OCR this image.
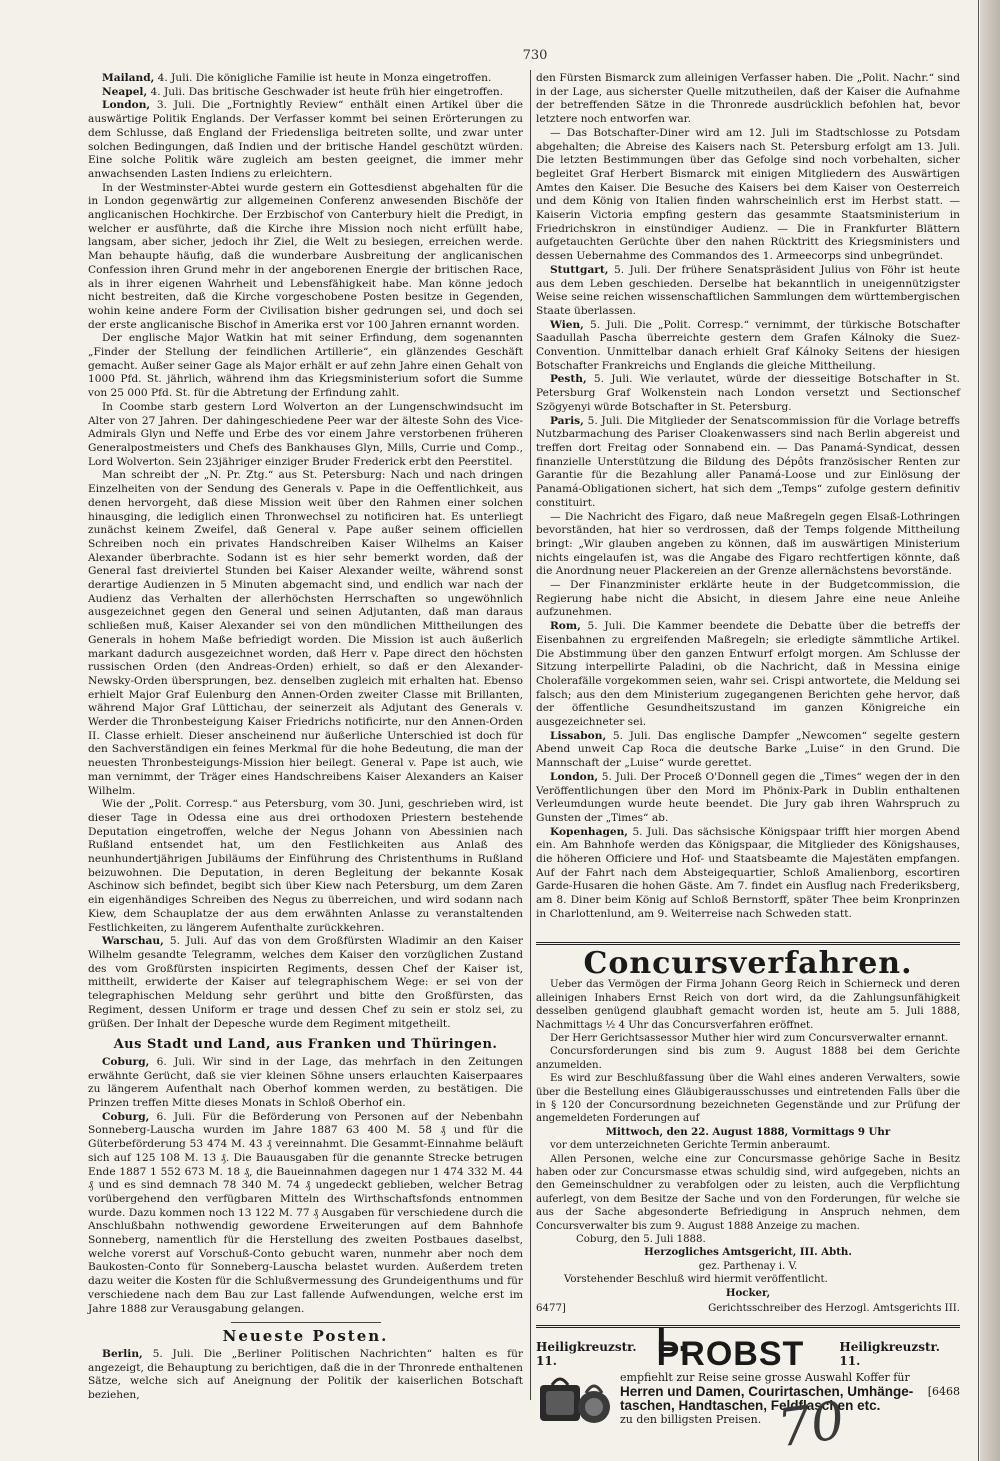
730

Mailand, 4. Juli. Die königliche Familie ist heute in Monza eingetroffen.

Neapel, 4. Juli. Das britische Geschwader ist heute früh hier eingetroffen.

London, 3. Juli. Die „Fortnightly Review“ enthält einen Artikel über die auswärtige Politik Englands. Der Verfasser kommt bei seinen Erörterungen zu dem Schlusse, daß England der Friedensliga beitreten sollte, und zwar unter solchen Bedingungen, daß Indien und der britische Handel geschützt würden. Eine solche Politik wäre zugleich am besten geeignet, die immer mehr anwachsenden Lasten Indiens zu erleichtern.

In der Westminster-Abtei wurde gestern ein Gottesdienst abgehalten für die in London gegenwärtig zur allgemeinen Conferenz anwesenden Bischöfe der anglicanischen Hochkirche. Der Erzbischof von Canterbury hielt die Predigt, in welcher er ausführte, daß die Kirche ihre Mission noch nicht erfüllt habe, langsam, aber sicher, jedoch ihr Ziel, die Welt zu besiegen, erreichen werde. Man behaupte häufig, daß die wunderbare Ausbreitung der anglicanischen Confession ihren Grund mehr in der angeborenen Energie der britischen Race, als in ihrer eigenen Wahrheit und Lebensfähigkeit habe. Man könne jedoch nicht bestreiten, daß die Kirche vorgeschobene Posten besitze in Gegenden, wohin keine andere Form der Civilisation bisher gedrungen sei, und doch sei der erste anglicanische Bischof in Amerika erst vor 100 Jahren ernannt worden.

Der englische Major Watkin hat mit seiner Erfindung, dem sogenannten „Finder der Stellung der feindlichen Artillerie“, ein glänzendes Geschäft gemacht. Außer seiner Gage als Major erhält er auf zehn Jahre einen Gehalt von 1000 Pfd. St. jährlich, während ihm das Kriegsministerium sofort die Summe von 25 000 Pfd. St. für die Abtretung der Erfindung zahlt.

In Coombe starb gestern Lord Wolverton an der Lungenschwindsucht im Alter von 27 Jahren. Der dahingeschiedene Peer war der älteste Sohn des Vice-Admirals Glyn und Neffe und Erbe des vor einem Jahre verstorbenen früheren Generalpostmeisters und Chefs des Bankhauses Glyn, Mills, Currie und Comp., Lord Wolverton. Sein 23jähriger einziger Bruder Frederick erbt den Peerstitel.

Man schreibt der „N. Pr. Ztg.“ aus St. Petersburg: Nach und nach dringen Einzelheiten von der Sendung des Generals v. Pape in die Oeffentlichkeit, aus denen hervorgeht, daß diese Mission weit über den Rahmen einer solchen hinausging, die lediglich einen Thronwechsel zu notificiren hat. Es unterliegt zunächst keinem Zweifel, daß General v. Pape außer seinem officiellen Schreiben noch ein privates Handschreiben Kaiser Wilhelms an Kaiser Alexander überbrachte. Sodann ist es hier sehr bemerkt worden, daß der General fast dreiviertel Stunden bei Kaiser Alexander weilte, während sonst derartige Audienzen in 5 Minuten abgemacht sind, und endlich war nach der Audienz das Verhalten der allerhöchsten Herrschaften so ungewöhnlich ausgezeichnet gegen den General und seinen Adjutanten, daß man daraus schließen muß, Kaiser Alexander sei von den mündlichen Mittheilungen des Generals in hohem Maße befriedigt worden. Die Mission ist auch äußerlich markant dadurch ausgezeichnet worden, daß Herr v. Pape direct den höchsten russischen Orden (den Andreas-Orden) erhielt, so daß er den Alexander-Newsky-Orden übersprungen, bez. denselben zugleich mit erhalten hat. Ebenso erhielt Major Graf Eulenburg den Annen-Orden zweiter Classe mit Brillanten, während Major Graf Lüttichau, der seinerzeit als Adjutant des Generals v. Werder die Thronbesteigung Kaiser Friedrichs notificirte, nur den Annen-Orden II. Classe erhielt. Dieser anscheinend nur äußerliche Unterschied ist doch für den Sachverständigen ein feines Merkmal für die hohe Bedeutung, die man der neuesten Thronbesteigungs-Mission hier beilegt. General v. Pape ist auch, wie man vernimmt, der Träger eines Handschreibens Kaiser Alexanders an Kaiser Wilhelm.

Wie der „Polit. Corresp.“ aus Petersburg, vom 30. Juni, geschrieben wird, ist dieser Tage in Odessa eine aus drei orthodoxen Priestern bestehende Deputation eingetroffen, welche der Negus Johann von Abessinien nach Rußland entsendet hat, um den Festlichkeiten aus Anlaß des neunhundertjährigen Jubiläums der Einführung des Christenthums in Rußland beizuwohnen. Die Deputation, in deren Begleitung der bekannte Kosak Aschinow sich befindet, begibt sich über Kiew nach Petersburg, um dem Zaren ein eigenhändiges Schreiben des Negus zu überreichen, und wird sodann nach Kiew, dem Schauplatze der aus dem erwähnten Anlasse zu veranstaltenden Festlichkeiten, zu längerem Aufenthalte zurückkehren.

Warschau, 5. Juli. Auf das von dem Großfürsten Wladimir an den Kaiser Wilhelm gesandte Telegramm, welches dem Kaiser den vorzüglichen Zustand des vom Großfürsten inspicirten Regiments, dessen Chef der Kaiser ist, mittheilt, erwiderte der Kaiser auf telegraphischem Wege: er sei von der telegraphischen Meldung sehr gerührt und bitte den Großfürsten, das Regiment, dessen Uniform er trage und dessen Chef zu sein er stolz sei, zu grüßen. Der Inhalt der Depesche wurde dem Regiment mitgetheilt.

Aus Stadt und Land, aus Franken und Thüringen.

Coburg, 6. Juli. Wir sind in der Lage, das mehrfach in den Zeitungen erwähnte Gerücht, daß sie vier kleinen Söhne unsers erlauchten Kaiserpaares zu längerem Aufenthalt nach Oberhof kommen werden, zu bestätigen. Die Prinzen treffen Mitte dieses Monats in Schloß Oberhof ein.

Coburg, 6. Juli. Für die Beförderung von Personen auf der Nebenbahn Sonneberg-Lauscha wurden im Jahre 1887 63 400 M. 58 ₰ und für die Güterbeförderung 53 474 M. 43 ₰ vereinnahmt. Die Gesammt-Einnahme beläuft sich auf 125 108 M. 13 ₰. Die Bauausgaben für die genannte Strecke betrugen Ende 1887 1 552 673 M. 18 ₰, die Baueinnahmen dagegen nur 1 474 332 M. 44 ₰ und es sind demnach 78 340 M. 74 ₰ ungedeckt geblieben, welcher Betrag vorübergehend den verfügbaren Mitteln des Wirthschaftsfonds entnommen wurde. Dazu kommen noch 13 122 M. 77 ₰ Ausgaben für verschiedene durch die Anschlußbahn nothwendig gewordene Erweiterungen auf dem Bahnhofe Sonneberg, namentlich für die Herstellung des zweiten Postbaues daselbst, welche vorerst auf Vorschuß-Conto gebucht waren, nunmehr aber noch dem Baukosten-Conto für Sonneberg-Lauscha belastet wurden. Außerdem treten dazu weiter die Kosten für die Schlußvermessung des Grundeigenthums und für verschiedene nach dem Bau zur Last fallende Aufwendungen, welche erst im Jahre 1888 zur Verausgabung gelangen.

Neueste Posten.

Berlin, 5. Juli. Die „Berliner Politischen Nachrichten“ halten es für angezeigt, die Behauptung zu berichtigen, daß die in der Thronrede enthaltenen Sätze, welche sich auf Aneignung der Politik der kaiserlichen Botschaft beziehen,

den Fürsten Bismarck zum alleinigen Verfasser haben. Die „Polit. Nachr.“ sind in der Lage, aus sicherster Quelle mitzutheilen, daß der Kaiser die Aufnahme der betreffenden Sätze in die Thronrede ausdrücklich befohlen hat, bevor letztere noch entworfen war.

— Das Botschafter-Diner wird am 12. Juli im Stadtschlosse zu Potsdam abgehalten; die Abreise des Kaisers nach St. Petersburg erfolgt am 13. Juli. Die letzten Bestimmungen über das Gefolge sind noch vorbehalten, sicher begleitet Graf Herbert Bismarck mit einigen Mitgliedern des Auswärtigen Amtes den Kaiser. Die Besuche des Kaisers bei dem Kaiser von Oesterreich und dem König von Italien finden wahrscheinlich erst im Herbst statt. — Kaiserin Victoria empfing gestern das gesammte Staatsministerium in Friedrichskron in einstündiger Audienz. — Die in Frankfurter Blättern aufgetauchten Gerüchte über den nahen Rücktritt des Kriegsministers und dessen Uebernahme des Commandos des 1. Armeecorps sind unbegründet.

Stuttgart, 5. Juli. Der frühere Senatspräsident Julius von Föhr ist heute aus dem Leben geschieden. Derselbe hat bekanntlich in uneigennützigster Weise seine reichen wissenschaftlichen Sammlungen dem württembergischen Staate überlassen.

Wien, 5. Juli. Die „Polit. Corresp.“ vernimmt, der türkische Botschafter Saadullah Pascha überreichte gestern dem Grafen Kálnoky die Suez-Convention. Unmittelbar danach erhielt Graf Kálnoky Seitens der hiesigen Botschafter Frankreichs und Englands die gleiche Mittheilung.

Pesth, 5. Juli. Wie verlautet, würde der diesseitige Botschafter in St. Petersburg Graf Wolkenstein nach London versetzt und Sectionschef Szögyenyi würde Botschafter in St. Petersburg.

Paris, 5. Juli. Die Mitglieder der Senatscommission für die Vorlage betreffs Nutzbarmachung des Pariser Cloakenwassers sind nach Berlin abgereist und treffen dort Freitag oder Sonnabend ein. — Das Panamá-Syndicat, dessen finanzielle Unterstützung die Bildung des Dépôts französischer Renten zur Garantie für die Bezahlung aller Panamá-Loose und zur Einlösung der Panamá-Obligationen sichert, hat sich dem „Temps“ zufolge gestern definitiv constituirt.

— Die Nachricht des Figaro, daß neue Maßregeln gegen Elsaß-Lothringen bevorständen, hat hier so verdrossen, daß der Temps folgende Mittheilung bringt: „Wir glauben angeben zu können, daß im auswärtigen Ministerium nichts eingelaufen ist, was die Angabe des Figaro rechtfertigen könnte, daß die Anordnung neuer Plackereien an der Grenze allernächstens bevorstände.

— Der Finanzminister erklärte heute in der Budgetcommission, die Regierung habe nicht die Absicht, in diesem Jahre eine neue Anleihe aufzunehmen.

Rom, 5. Juli. Die Kammer beendete die Debatte über die betreffs der Eisenbahnen zu ergreifenden Maßregeln; sie erledigte sämmtliche Artikel. Die Abstimmung über den ganzen Entwurf erfolgt morgen. Am Schlusse der Sitzung interpellirte Paladini, ob die Nachricht, daß in Messina einige Cholerafälle vorgekommen seien, wahr sei. Crispi antwortete, die Meldung sei falsch; aus den dem Ministerium zugegangenen Berichten gehe hervor, daß der öffentliche Gesundheitszustand im ganzen Königreiche ein ausgezeichneter sei.

Lissabon, 5. Juli. Das englische Dampfer „Newcomen“ segelte gestern Abend unweit Cap Roca die deutsche Barke „Luise“ in den Grund. Die Mannschaft der „Luise“ wurde gerettet.

London, 5. Juli. Der Proceß O'Donnell gegen die „Times“ wegen der in den Veröffentlichungen über den Mord im Phönix-Park in Dublin enthaltenen Verleumdungen wurde heute beendet. Die Jury gab ihren Wahrspruch zu Gunsten der „Times“ ab.

Kopenhagen, 5. Juli. Das sächsische Königspaar trifft hier morgen Abend ein. Am Bahnhofe werden das Königspaar, die Mitglieder des Königshauses, die höheren Officiere und Hof- und Staatsbeamte die Majestäten empfangen. Auf der Fahrt nach dem Absteigequartier, Schloß Amalienborg, escortiren Garde-Husaren die hohen Gäste. Am 7. findet ein Ausflug nach Frederiksberg, am 8. Diner beim König auf Schloß Bernstorff, später Thee beim Kronprinzen in Charlottenlund, am 9. Weiterreise nach Schweden statt.

Concursverfahren.

Ueber das Vermögen der Firma Johann Georg Reich in Schierneck und deren alleinigen Inhabers Ernst Reich von dort wird, da die Zahlungsunfähigkeit desselben genügend glaubhaft gemacht worden ist, heute am 5. Juli 1888, Nachmittags ½ 4 Uhr das Concursverfahren eröffnet.

Der Herr Gerichtsassessor Muther hier wird zum Concursverwalter ernannt.

Concursforderungen sind bis zum 9. August 1888 bei dem Gerichte anzumelden.

Es wird zur Beschlußfassung über die Wahl eines anderen Verwalters, sowie über die Bestellung eines Gläubigerausschusses und eintretenden Falls über die in § 120 der Concursordnung bezeichneten Gegenstände und zur Prüfung der angemeldeten Forderungen auf

Mittwoch, den 22. August 1888, Vormittags 9 Uhr

vor dem unterzeichneten Gerichte Termin anberaumt.

Allen Personen, welche eine zur Concursmasse gehörige Sache in Besitz haben oder zur Concursmasse etwas schuldig sind, wird aufgegeben, nichts an den Gemeinschuldner zu verabfolgen oder zu leisten, auch die Verpflichtung auferlegt, von dem Besitze der Sache und von den Forderungen, für welche sie aus der Sache abgesonderte Befriedigung in Anspruch nehmen, dem Concursverwalter bis zum 9. August 1888 Anzeige zu machen.

Coburg, den 5. Juli 1888.

Herzogliches Amtsgericht, III. Abth.

gez. Parthenay i. V.

Vorstehender Beschluß wird hiermit veröffentlicht.

Hocker,

6477]	Gerichtsschreiber des Herzogl. Amtsgerichts III.
Heiligkreuzstr. 11.
L. PROBST	Heiligkreuzstr. 11.
empfiehlt zur Reise seine grosse Auswahl Koffer für
Herren und Damen, Courirtaschen, Umhänge-
taschen, Handtaschen, Feldflaschen etc.
zu den billigsten Preisen.
[6468
70
